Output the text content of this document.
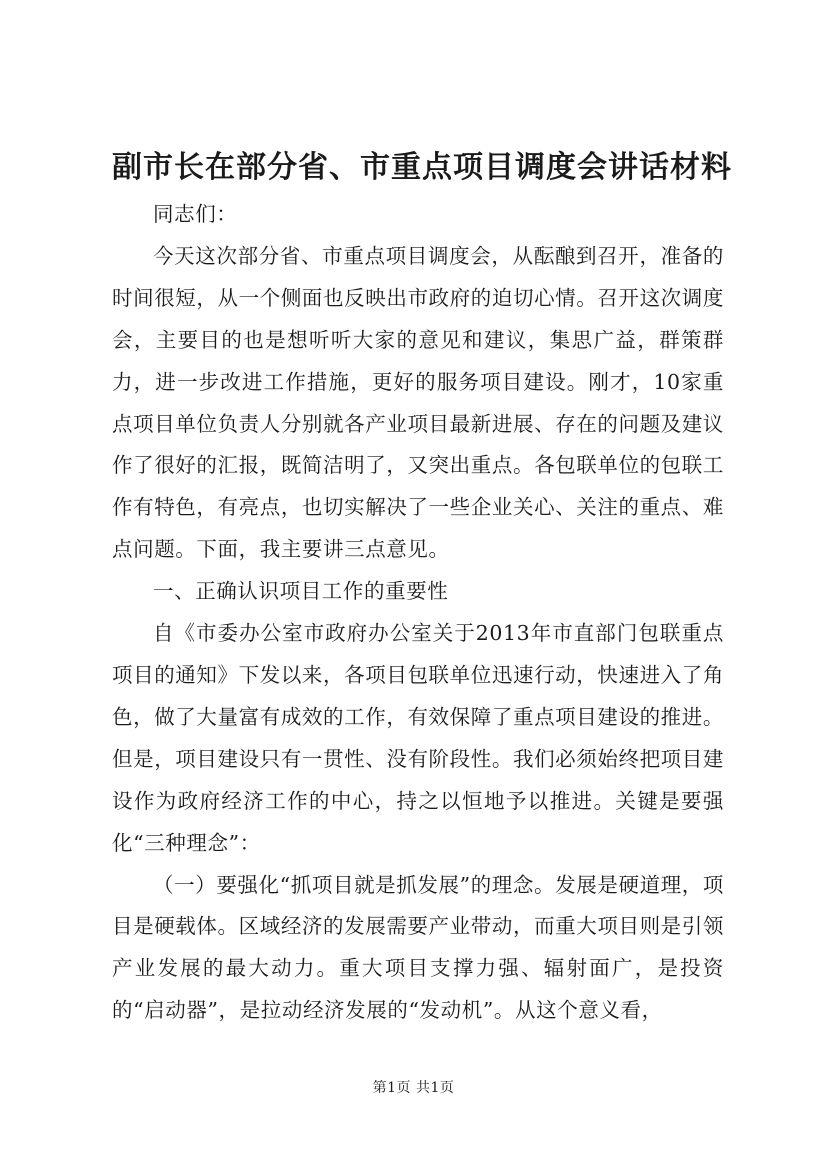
副市长在部分省、市重点项目调度会讲话材料

同志们：

今天这次部分省、市重点项目调度会，从酝酿到召开，准备的时间很短，从一个侧面也反映出市政府的迫切心情。召开这次调度会，主要目的也是想听听大家的意见和建议，集思广益，群策群力，进一步改进工作措施，更好的服务项目建设。刚才，10家重点项目单位负责人分别就各产业项目最新进展、存在的问题及建议作了很好的汇报，既简洁明了，又突出重点。各包联单位的包联工作有特色，有亮点，也切实解决了一些企业关心、关注的重点、难点问题。下面，我主要讲三点意见。

一、正确认识项目工作的重要性

自《市委办公室市政府办公室关于2013年市直部门包联重点项目的通知》下发以来，各项目包联单位迅速行动，快速进入了角色，做了大量富有成效的工作，有效保障了重点项目建设的推进。但是，项目建设只有一贯性、没有阶段性。我们必须始终把项目建设作为政府经济工作的中心，持之以恒地予以推进。关键是要强化“三种理念”：

（一）要强化“抓项目就是抓发展”的理念。发展是硬道理，项目是硬载体。区域经济的发展需要产业带动，而重大项目则是引领产业发展的最大动力。重大项目支撑力强、辐射面广，是投资的“启动器”，是拉动经济发展的“发动机”。从这个意义看，

第1页 共1页
